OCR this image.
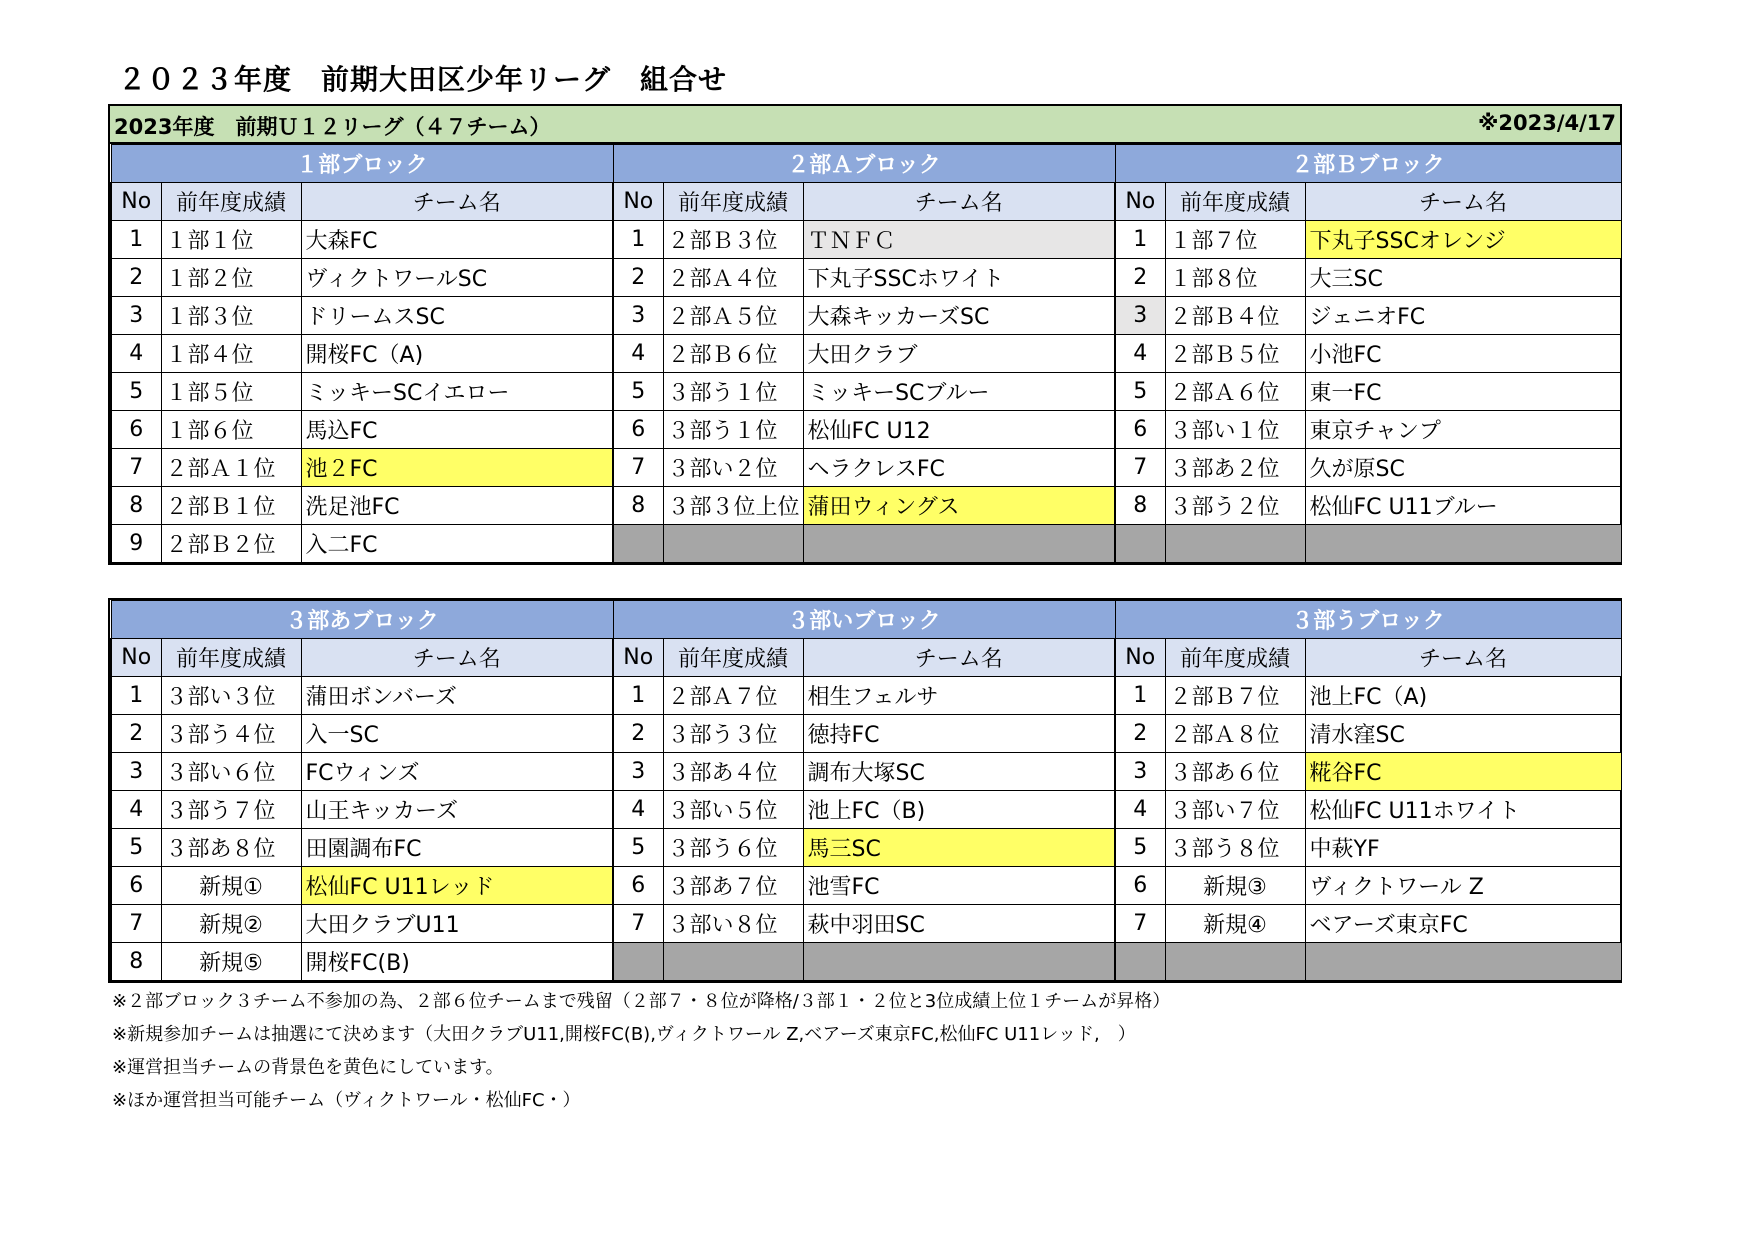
２０２３年度　前期大田区少年リーグ　組合せ
2023年度　前期Ｕ１２リーグ（４７チーム）	※2023/4/17
１部ブロック			２部Ａブロック			２部Ｂブロック		
No	前年度成績	チーム名	No	前年度成績	チーム名	No	前年度成績	チーム名
1	１部１位	大森FC	1	２部Ｂ３位	ＴＮＦＣ	1	１部７位	下丸子SSCオレンジ
2	１部２位	ヴィクトワールSC	2	２部Ａ４位	下丸子SSCホワイト	2	１部８位	大三SC
3	１部３位	ドリームスSC	3	２部Ａ５位	大森キッカーズSC	3	２部Ｂ４位	ジェニオFC
4	１部４位	開桜FC（A)	4	２部Ｂ６位	大田クラブ	4	２部Ｂ５位	小池FC
5	１部５位	ミッキーSCイエロー	5	３部う１位	ミッキーSCブルー	5	２部Ａ６位	東一FC
6	１部６位	馬込FC	6	３部う１位	松仙FC U12	6	３部い１位	東京チャンプ
7	２部Ａ１位	池２FC	7	３部い２位	ヘラクレスFC	7	３部あ２位	久が原SC
8	２部Ｂ１位	洗足池FC	8	３部３位上位	蒲田ウィングス	8	３部う２位	松仙FC U11ブルー
9	２部Ｂ２位	入二FC						
３部あブロック			３部いブロック			３部うブロック		
No	前年度成績	チーム名	No	前年度成績	チーム名	No	前年度成績	チーム名
1	３部い３位	蒲田ボンバーズ	1	２部Ａ７位	相生フェルサ	1	２部Ｂ７位	池上FC（A)
2	３部う４位	入一SC	2	３部う３位	徳持FC	2	２部Ａ８位	清水窪SC
3	３部い６位	FCウィンズ	3	３部あ４位	調布大塚SC	3	３部あ６位	糀谷FC
4	３部う７位	山王キッカーズ	4	３部い５位	池上FC（B)	4	３部い７位	松仙FC U11ホワイト
5	３部あ８位	田園調布FC	5	３部う６位	馬三SC	5	３部う８位	中萩YF
6	新規①	松仙FC U11レッド	6	３部あ７位	池雪FC	6	新規③	ヴィクトワール Z
7	新規②	大田クラブU11	7	３部い８位	萩中羽田SC	7	新規④	ベアーズ東京FC
8	新規⑤	開桜FC(B)						
※２部ブロック３チーム不参加の為、２部６位チームまで残留（２部７・８位が降格/３部１・２位と3位成績上位１チームが昇格）
※新規参加チームは抽選にて決めます（大田クラブU11,開桜FC(B),ヴィクトワール Z,ベアーズ東京FC,松仙FC U11レッド,　）
※運営担当チームの背景色を黄色にしています。
※ほか運営担当可能チーム（ヴィクトワール・松仙FC・）
